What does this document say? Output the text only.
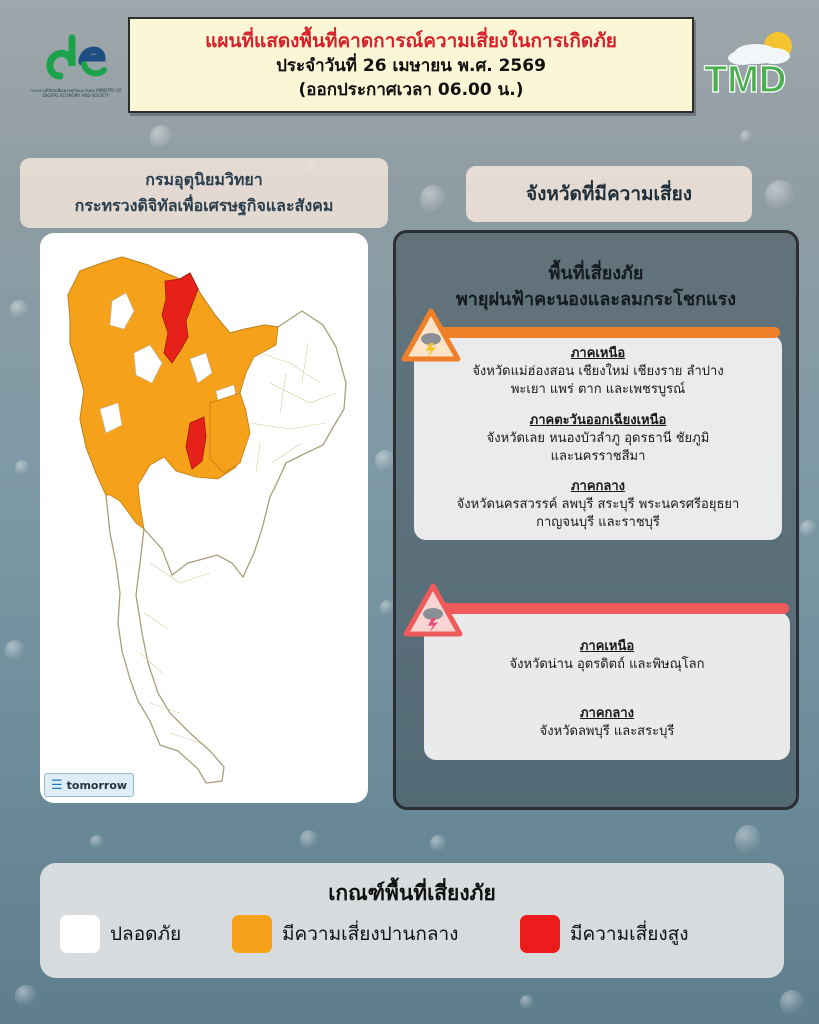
กระทรวงดิจิทัลเพื่อเศรษฐกิจและสังคม MINISTRY OF DIGITAL ECONOMY AND SOCIETY	TMD
แผนที่แสดงพื้นที่คาดการณ์ความเสี่ยงในการเกิดภัย
ประจำวันที่ 26 เมษายน พ.ศ. 2569
(ออกประกาศเวลา 06.00 น.)
กรมอุตุนิยมวิทยา
กระทรวงดิจิทัลเพื่อเศรษฐกิจและสังคม
☰ tomorrow
จังหวัดที่มีความเสี่ยง
พื้นที่เสี่ยงภัย
พายุฝนฟ้าคะนองและลมกระโชกแรง
ภาคเหนือ
จังหวัดแม่ฮ่องสอน เชียงใหม่ เชียงราย ลำปาง
พะเยา แพร่ ตาก และเพชรบูรณ์
ภาคตะวันออกเฉียงเหนือ
จังหวัดเลย หนองบัวลำภู อุดรธานี ชัยภูมิ
และนครราชสีมา
ภาคกลาง
จังหวัดนครสวรรค์ ลพบุรี สระบุรี พระนครศรีอยุธยา
กาญจนบุรี และราชบุรี
ภาคเหนือ
จังหวัดน่าน อุตรดิตถ์ และพิษณุโลก
ภาคกลาง
จังหวัดลพบุรี และสระบุรี
เกณฑ์พื้นที่เสี่ยงภัย
ปลอดภัย	มีความเสี่ยงปานกลาง	มีความเสี่ยงสูง
